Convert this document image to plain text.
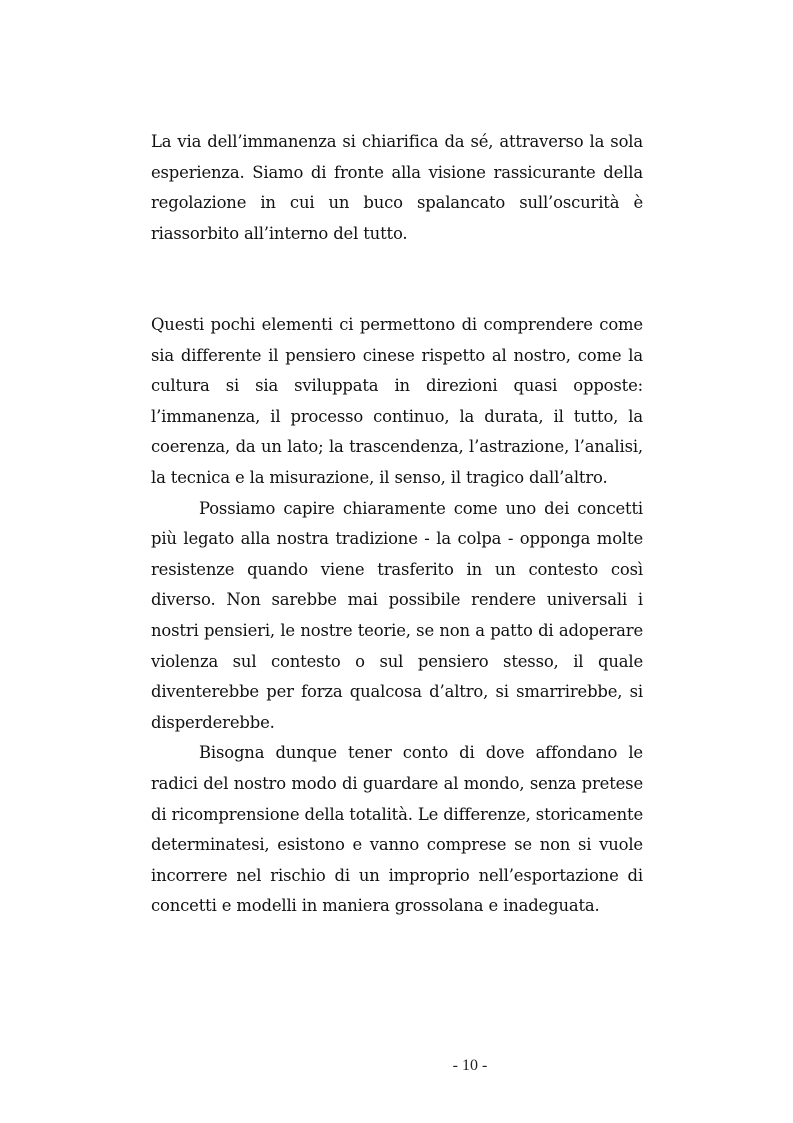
La via dell’immanenza si chiarifica da sé, attraverso la sola esperienza. Siamo di fronte alla visione rassicurante della regolazione in cui un buco spalancato sull’oscurità è riassorbito all’interno del tutto.

Questi pochi elementi ci permettono di comprendere come sia differente il pensiero cinese rispetto al nostro, come la cultura si sia sviluppata in direzioni quasi opposte: l’immanenza, il processo continuo, la durata, il tutto, la coerenza, da un lato; la trascendenza, l’astrazione, l’analisi, la tecnica e la misurazione, il senso, il tragico dall’altro.

Possiamo capire chiaramente come uno dei concetti più legato alla nostra tradizione - la colpa - opponga molte resistenze quando viene trasferito in un contesto così diverso. Non sarebbe mai possibile rendere universali i nostri pensieri, le nostre teorie, se non a patto di adoperare violenza sul contesto o sul pensiero stesso, il quale diventerebbe per forza qualcosa d’altro, si smarrirebbe, si disperderebbe.

Bisogna dunque tener conto di dove affondano le radici del nostro modo di guardare al mondo, senza pretese di ricomprensione della totalità. Le differenze, storicamente determinatesi, esistono e vanno comprese se non si vuole incorrere nel rischio di un improprio nell’esportazione di concetti e modelli in maniera grossolana e inadeguata.

- 10 -
